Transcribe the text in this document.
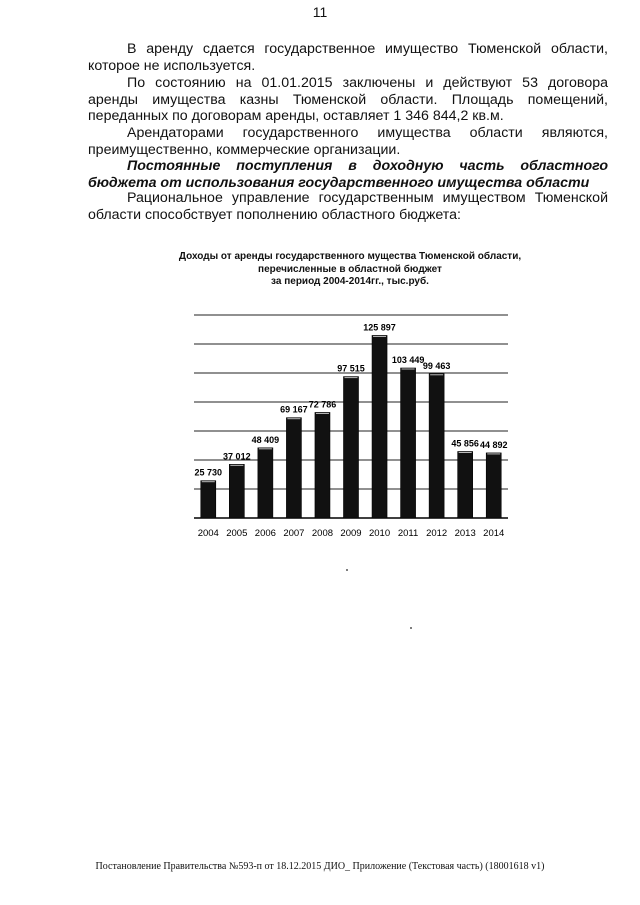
11
В аренду сдается государственное имущество Тюменской области, которое не используется.
По состоянию на 01.01.2015 заключены и действуют 53 договора аренды имущества казны Тюменской области. Площадь помещений, переданных по договорам аренды, оставляет 1 346 844,2 кв.м.
Арендаторами государственного имущества области являются, преимущественно, коммерческие организации.
Постоянные поступления в доходную часть областного бюджета от использования государственного имущества области
Рациональное управление государственным имуществом Тюменской области способствует пополнению областного бюджета:
Доходы от аренды государственного мущества Тюменской области,
перечисленные в областной бюджет
за период 2004-2014гг., тыс.руб.
25 730
2004
37 012
2005
48 409
2006
69 167
2007
72 786
2008
97 515
2009
125 897
2010
103 449
2011
99 463
2012
45 856
2013
44 892
2014
Постановление Правительства №593-п от 18.12.2015 ДИО_ Приложение (Текстовая часть) (18001618 v1)
